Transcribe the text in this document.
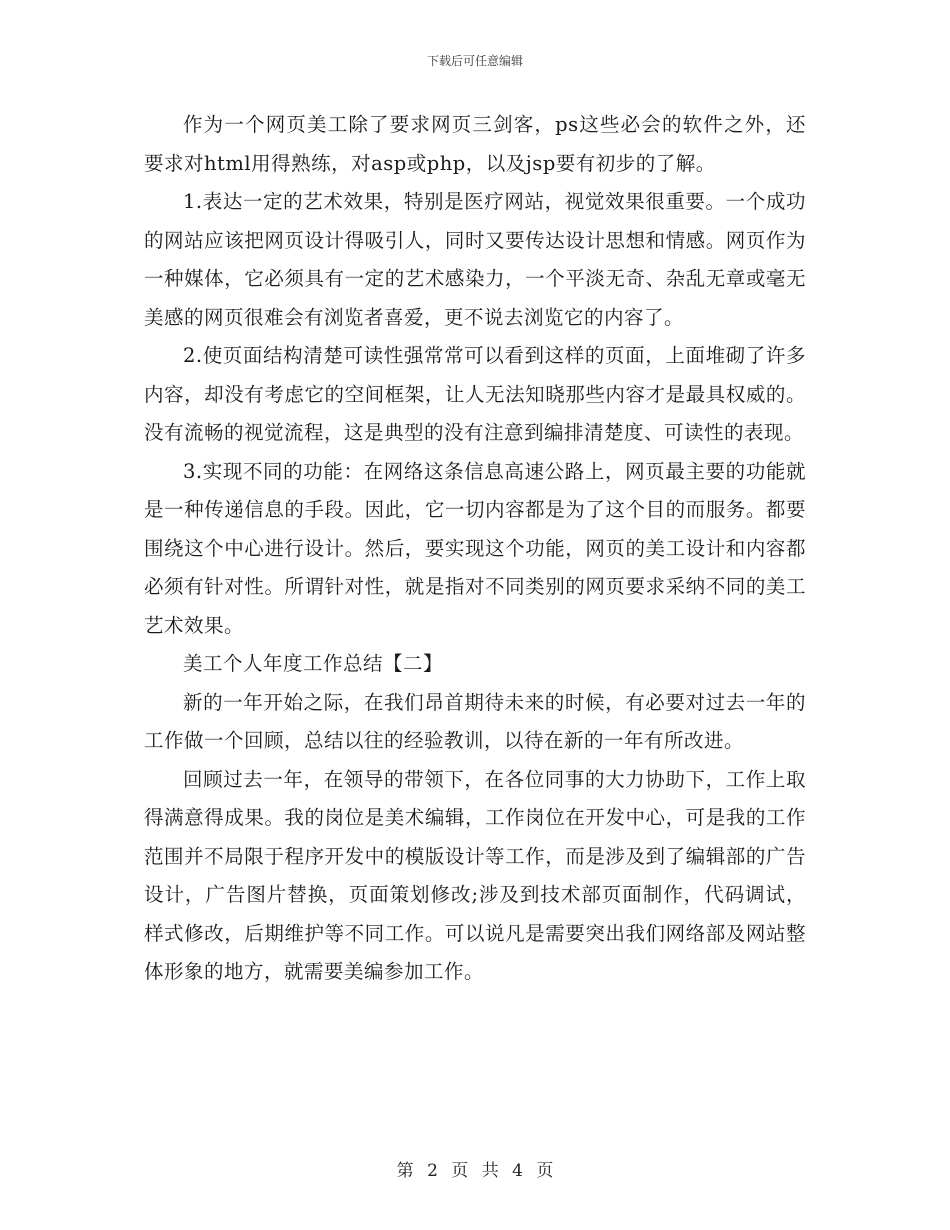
下载后可任意编辑

作为一个网页美工除了要求网页三剑客，ps这些必会的软件之外，还要求对html用得熟练，对asp或php，以及jsp要有初步的了解。

1.表达一定的艺术效果，特别是医疗网站，视觉效果很重要。一个成功的网站应该把网页设计得吸引人，同时又要传达设计思想和情感。网页作为一种媒体，它必须具有一定的艺术感染力，一个平淡无奇、杂乱无章或毫无美感的网页很难会有浏览者喜爱，更不说去浏览它的内容了。

2.使页面结构清楚可读性强常常可以看到这样的页面，上面堆砌了许多内容，却没有考虑它的空间框架，让人无法知晓那些内容才是最具权威的。没有流畅的视觉流程，这是典型的没有注意到编排清楚度、可读性的表现。

3.实现不同的功能：在网络这条信息高速公路上，网页最主要的功能就是一种传递信息的手段。因此，它一切内容都是为了这个目的而服务。都要围绕这个中心进行设计。然后，要实现这个功能，网页的美工设计和内容都必须有针对性。所谓针对性，就是指对不同类别的网页要求采纳不同的美工艺术效果。

美工个人年度工作总结【二】

新的一年开始之际，在我们昂首期待未来的时候，有必要对过去一年的工作做一个回顾，总结以往的经验教训，以待在新的一年有所改进。

回顾过去一年，在领导的带领下，在各位同事的大力协助下，工作上取得满意得成果。我的岗位是美术编辑，工作岗位在开发中心，可是我的工作范围并不局限于程序开发中的模版设计等工作，而是涉及到了编辑部的广告设计，广告图片替换，页面策划修改;涉及到技术部页面制作，代码调试，样式修改，后期维护等不同工作。可以说凡是需要突出我们网络部及网站整体形象的地方，就需要美编参加工作。

第 2 页 共 4 页
